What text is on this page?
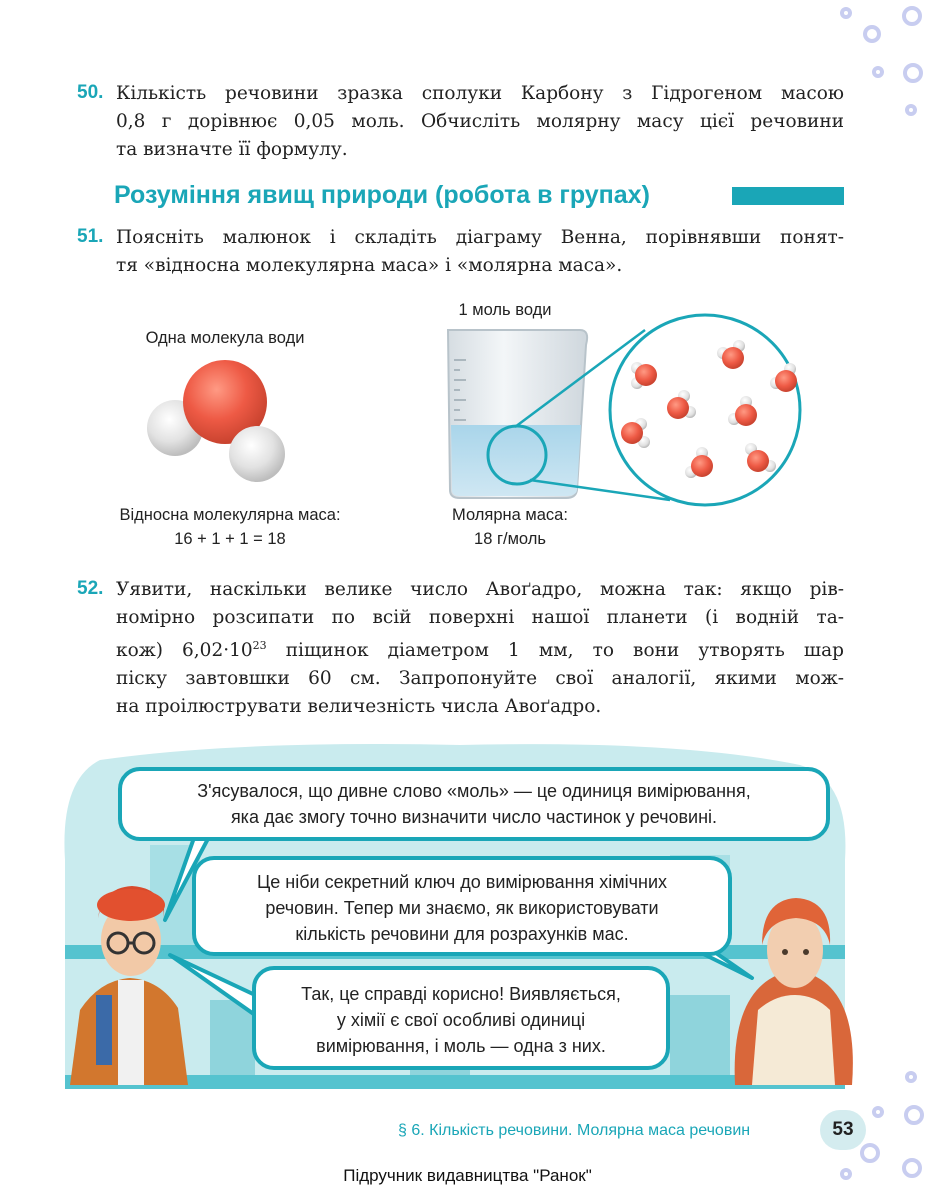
50. Кількість речовини зразка сполуки Карбону з Гідрогеном масою
0,8 г дорівнює 0,05 моль. Обчисліть молярну масу цієї речовини
та визначте її формулу.
Розуміння явищ природи (робота в групах)
51. Поясніть малюнок і складіть діаграму Венна, порівнявши понят-
тя «відносна молекулярна маса» і «молярна маса».
Одна молекула води
1 моль води
Відносна молекулярна маса:
16 + 1 + 1 = 18
Молярна маса:
18 г/моль
52. Уявити, наскільки велике число Авоґадро, можна так: якщо рів-
номірно розсипати по всій поверхні нашої планети (і водній та-
кож) $6,02\cdot 10^{23}$ піщинок діаметром 1 мм, то вони утворять шар
піску завтовшки 60 см. Запропонуйте свої аналогії, якими мож-
на проілюструвати величезність числа Авоґадро.
З'ясувалося, що дивне слово «моль» — це одиниця вимірювання,
яка дає змогу точно визначити число частинок у речовині.
Це ніби секретний ключ до вимірювання хімічних
речовин. Тепер ми знаємо, як використовувати
кількість речовини для розрахунків мас.
Так, це справді корисно! Виявляється,
у хімії є свої особливі одиниці
вимірювання, і моль — одна з них.
§ 6. Кількість речовини. Молярна маса речовин	53
Підручник видавництва "Ранок"
